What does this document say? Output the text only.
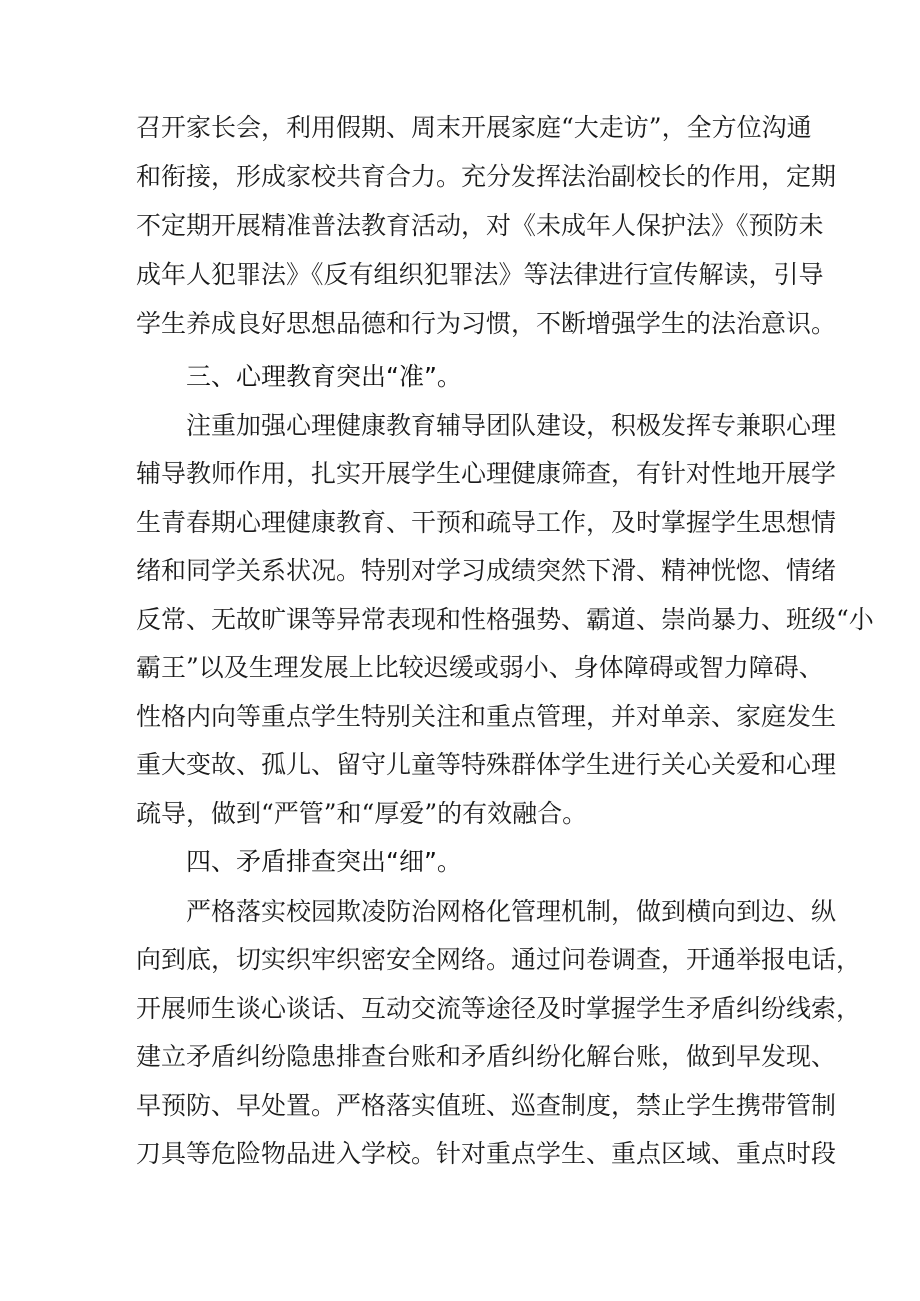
召开家长会，利用假期、周末开展家庭“大走访”，全方位沟通
和衔接，形成家校共育合力。充分发挥法治副校长的作用，定期
不定期开展精准普法教育活动，对《未成年人保护法》《预防未
成年人犯罪法》《反有组织犯罪法》等法律进行宣传解读，引导
学生养成良好思想品德和行为习惯，不断增强学生的法治意识。
三、心理教育突出“准”。
注重加强心理健康教育辅导团队建设，积极发挥专兼职心理
辅导教师作用，扎实开展学生心理健康筛查，有针对性地开展学
生青春期心理健康教育、干预和疏导工作，及时掌握学生思想情
绪和同学关系状况。特别对学习成绩突然下滑、精神恍惚、情绪
反常、无故旷课等异常表现和性格强势、霸道、崇尚暴力、班级“小
霸王”以及生理发展上比较迟缓或弱小、身体障碍或智力障碍、
性格内向等重点学生特别关注和重点管理，并对单亲、家庭发生
重大变故、孤儿、留守儿童等特殊群体学生进行关心关爱和心理
疏导，做到“严管”和“厚爱”的有效融合。
四、矛盾排查突出“细”。
严格落实校园欺凌防治网格化管理机制，做到横向到边、纵
向到底，切实织牢织密安全网络。通过问卷调查，开通举报电话，
开展师生谈心谈话、互动交流等途径及时掌握学生矛盾纠纷线索，
建立矛盾纠纷隐患排查台账和矛盾纠纷化解台账，做到早发现、
早预防、早处置。严格落实值班、巡查制度，禁止学生携带管制
刀具等危险物品进入学校。针对重点学生、重点区域、重点时段
